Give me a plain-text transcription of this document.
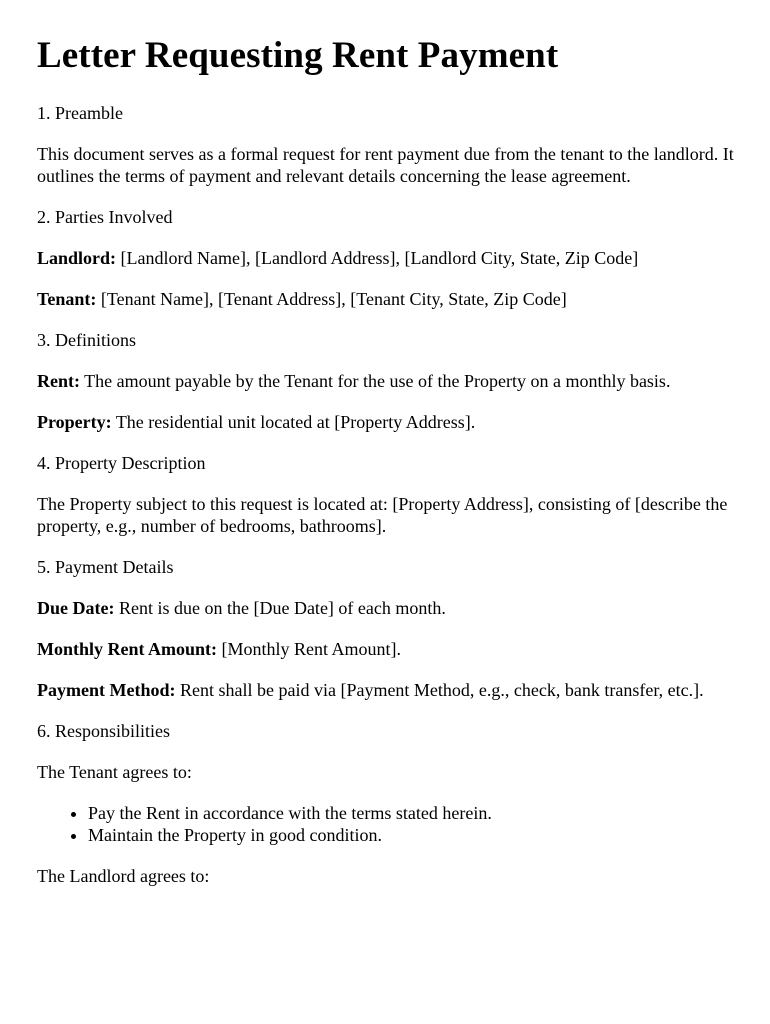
Letter Requesting Rent Payment

1. Preamble

This document serves as a formal request for rent payment due from the tenant to the landlord. It outlines the terms of payment and relevant details concerning the lease agreement.

2. Parties Involved

Landlord: [Landlord Name], [Landlord Address], [Landlord City, State, Zip Code]

Tenant: [Tenant Name], [Tenant Address], [Tenant City, State, Zip Code]

3. Definitions

Rent: The amount payable by the Tenant for the use of the Property on a monthly basis.

Property: The residential unit located at [Property Address].

4. Property Description

The Property subject to this request is located at: [Property Address], consisting of [describe the property, e.g., number of bedrooms, bathrooms].

5. Payment Details

Due Date: Rent is due on the [Due Date] of each month.

Monthly Rent Amount: [Monthly Rent Amount].

Payment Method: Rent shall be paid via [Payment Method, e.g., check, bank transfer, etc.].

6. Responsibilities

The Tenant agrees to:

• Pay the Rent in accordance with the terms stated herein.
• Maintain the Property in good condition.

The Landlord agrees to:
